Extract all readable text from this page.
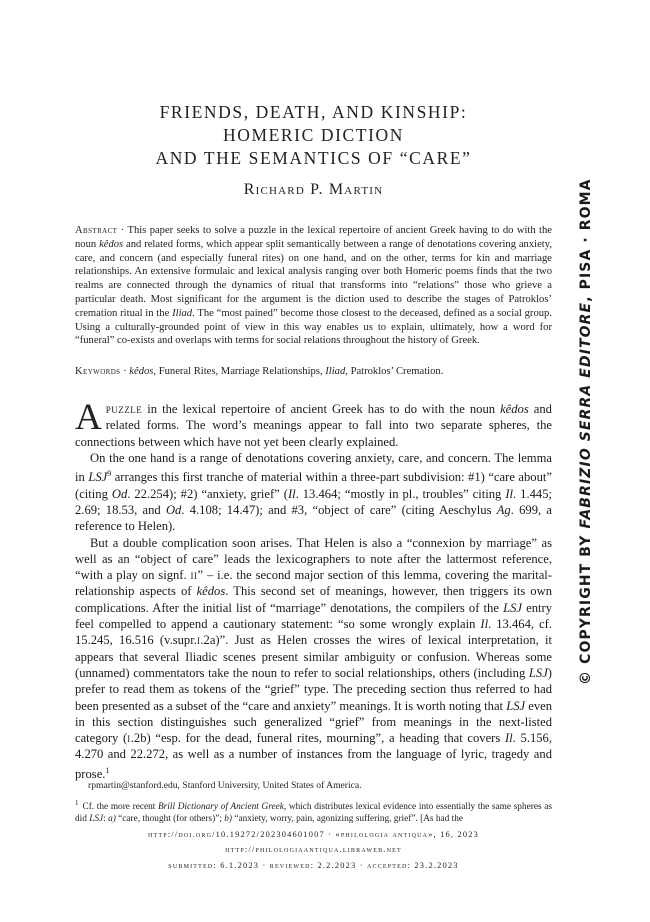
FRIENDS, DEATH, AND KINSHIP:
HOMERIC DICTION
AND THE SEMANTICS OF “CARE”
Richard P. Martin
Abstract · This paper seeks to solve a puzzle in the lexical repertoire of ancient Greek having to do with the noun kêdos and related forms, which appear split semantically between a range of denotations covering anxiety, care, and concern (and especially funeral rites) on one hand, and on the other, terms for kin and marriage relationships. An extensive formulaic and lexical analysis ranging over both Homeric poems finds that the two realms are connected through the dynamics of ritual that transforms into “relations” those who grieve a particular death. Most significant for the argument is the diction used to describe the stages of Patroklos’ cremation ritual in the Iliad. The “most pained” become those closest to the deceased, defined as a social group. Using a culturally-grounded point of view in this way enables us to explain, ultimately, how a word for “funeral” co-exists and overlaps with terms for social relations throughout the history of Greek.
Keywords · kêdos, Funeral Rites, Marriage Relationships, Iliad, Patroklos’ Cremation.

Apuzzle in the lexical repertoire of ancient Greek has to do with the noun kêdos and related forms. The word’s meanings appear to fall into two separate spheres, the connections between which have not yet been clearly explained.

On the one hand is a range of denotations covering anxiety, care, and concern. The lemma in LSJ$^9$ arranges this first tranche of material within a three-part subdivision: #1) “care about” (citing Od. 22.254); #2) “anxiety, grief” (Il. 13.464; “mostly in pl., troubles” citing Il. 1.445; 2.69; 18.53, and Od. 4.108; 14.47); and #3, “object of care” (citing Aeschylus Ag. 699, a reference to Helen).

But a double complication soon arises. That Helen is also a “connexion by marriage” as well as an “object of care” leads the lexicographers to note after the lattermost reference, “with a play on signf. ii” – i.e. the second major section of this lemma, covering the marital-relationship aspects of kêdos. This second set of meanings, however, then triggers its own complications. After the initial list of “marriage” denotations, the compilers of the LSJ entry feel compelled to append a cautionary statement: “so some wrongly explain Il. 13.464, cf. 15.245, 16.516 (v.supr.i.2a)”. Just as Helen crosses the wires of lexical interpretation, it appears that several Iliadic scenes present similar ambiguity or confusion. Whereas some (unnamed) commentators take the noun to refer to social relationships, others (including LSJ) prefer to read them as tokens of the “grief” type. The preceding section thus referred to had been presented as a subset of the “care and anxiety” meanings. It is worth noting that LSJ even in this section distinguishes such generalized “grief” from meanings in the next-listed category (i.2b) “esp. for the dead, funeral rites, mourning”, a heading that covers Il. 5.156, 4.270 and 22.272, as well as a number of instances from the language of lyric, tragedy and prose.$^1$

rpmartin@stanford.edu, Stanford University, United States of America.
$^1$ Cf. the more recent Brill Dictionary of Ancient Greek, which distributes lexical evidence into essentially the same spheres as did LSJ: a) “care, thought (for others)”; b) “anxiety, worry, pain, agonizing suffering, grief”. [As had the
http://doi.org/10.19272/202304601007 · «philologia antiqua», 16, 2023
http://philologiaantiqua.libraweb.net
submitted: 6.1.2023 · reviewed: 2.2.2023 · accepted: 23.2.2023
© COPYRIGHT BY FABRIZIO SERRA EDITORE, PISA · ROMA
